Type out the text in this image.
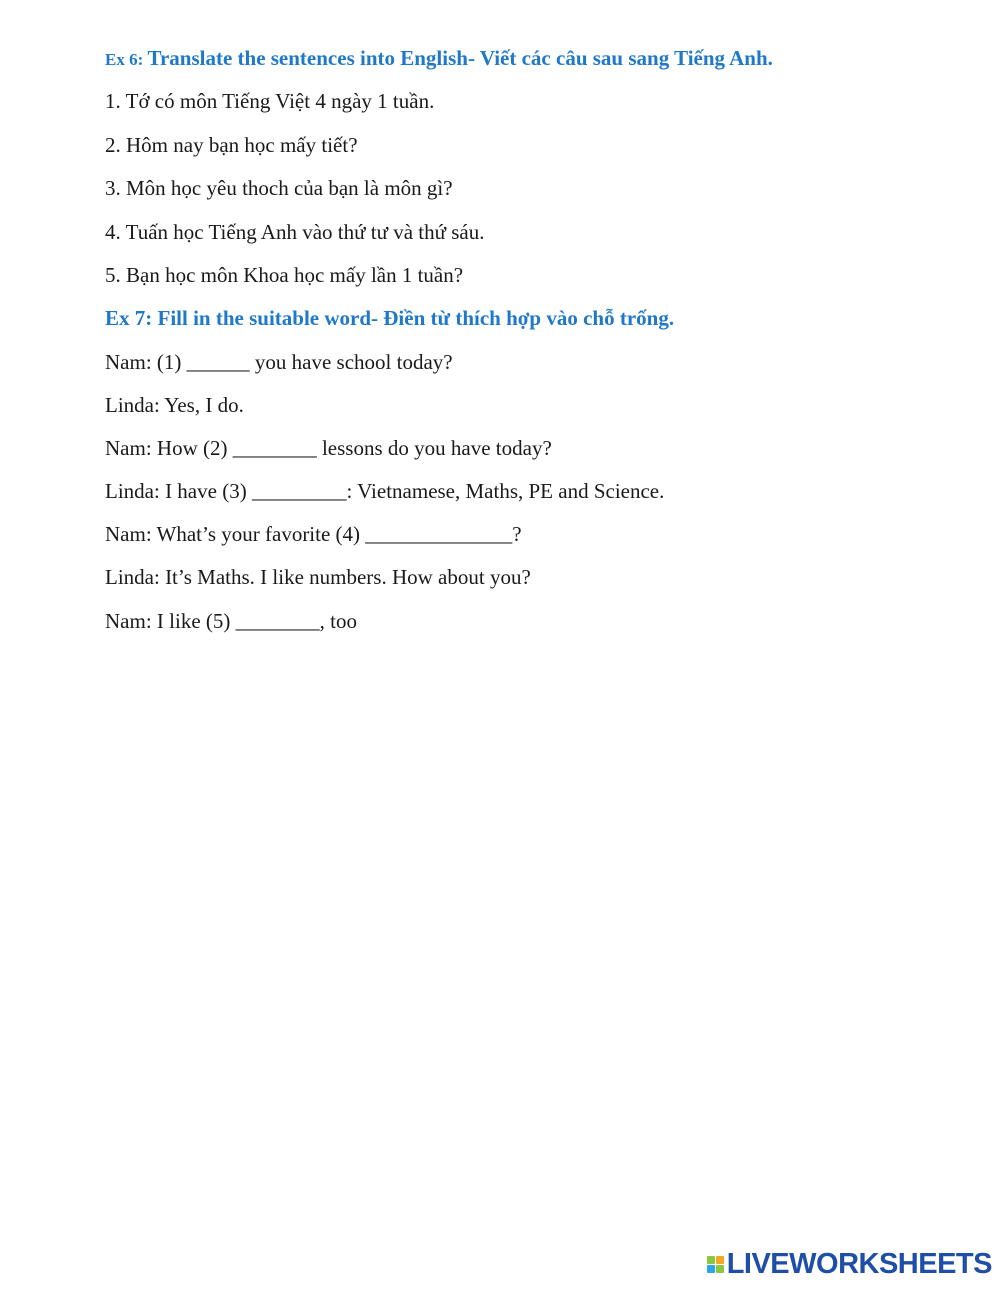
Ex 6: Translate the sentences into English- Viết các câu sau sang Tiếng Anh.
1. Tớ có môn Tiếng Việt 4 ngày 1 tuần.
2. Hôm nay bạn học mấy tiết?
3. Môn học yêu thoch của bạn là môn gì?
4. Tuấn học Tiếng Anh vào thứ tư và thứ sáu.
5. Bạn học môn Khoa học mấy lần 1 tuần?
Ex 7: Fill in the suitable word- Điền từ thích hợp vào chỗ trống.
Nam: (1) ______ you have school today?
Linda: Yes, I do.
Nam: How (2) ________ lessons do you have today?
Linda: I have (3) _________: Vietnamese, Maths, PE and Science.
Nam: What’s your favorite (4) ______________?
Linda: It’s Maths. I like numbers. How about you?
Nam: I like (5) ________, too
LIVEWORKSHEETS
